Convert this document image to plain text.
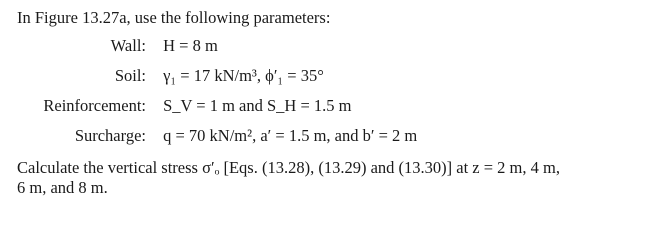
In Figure 13.27a, use the following parameters:
Wall: H = 8 m
Soil: γ₁ = 17 kN/m³, ϕ′₁ = 35°
Reinforcement: S_V = 1 m and S_H = 1.5 m
Surcharge: q = 70 kN/m², a′ = 1.5 m, and b′ = 2 m
Calculate the vertical stress σ′ₒ [Eqs. (13.28), (13.29) and (13.30)] at z = 2 m, 4 m,
6 m, and 8 m.
